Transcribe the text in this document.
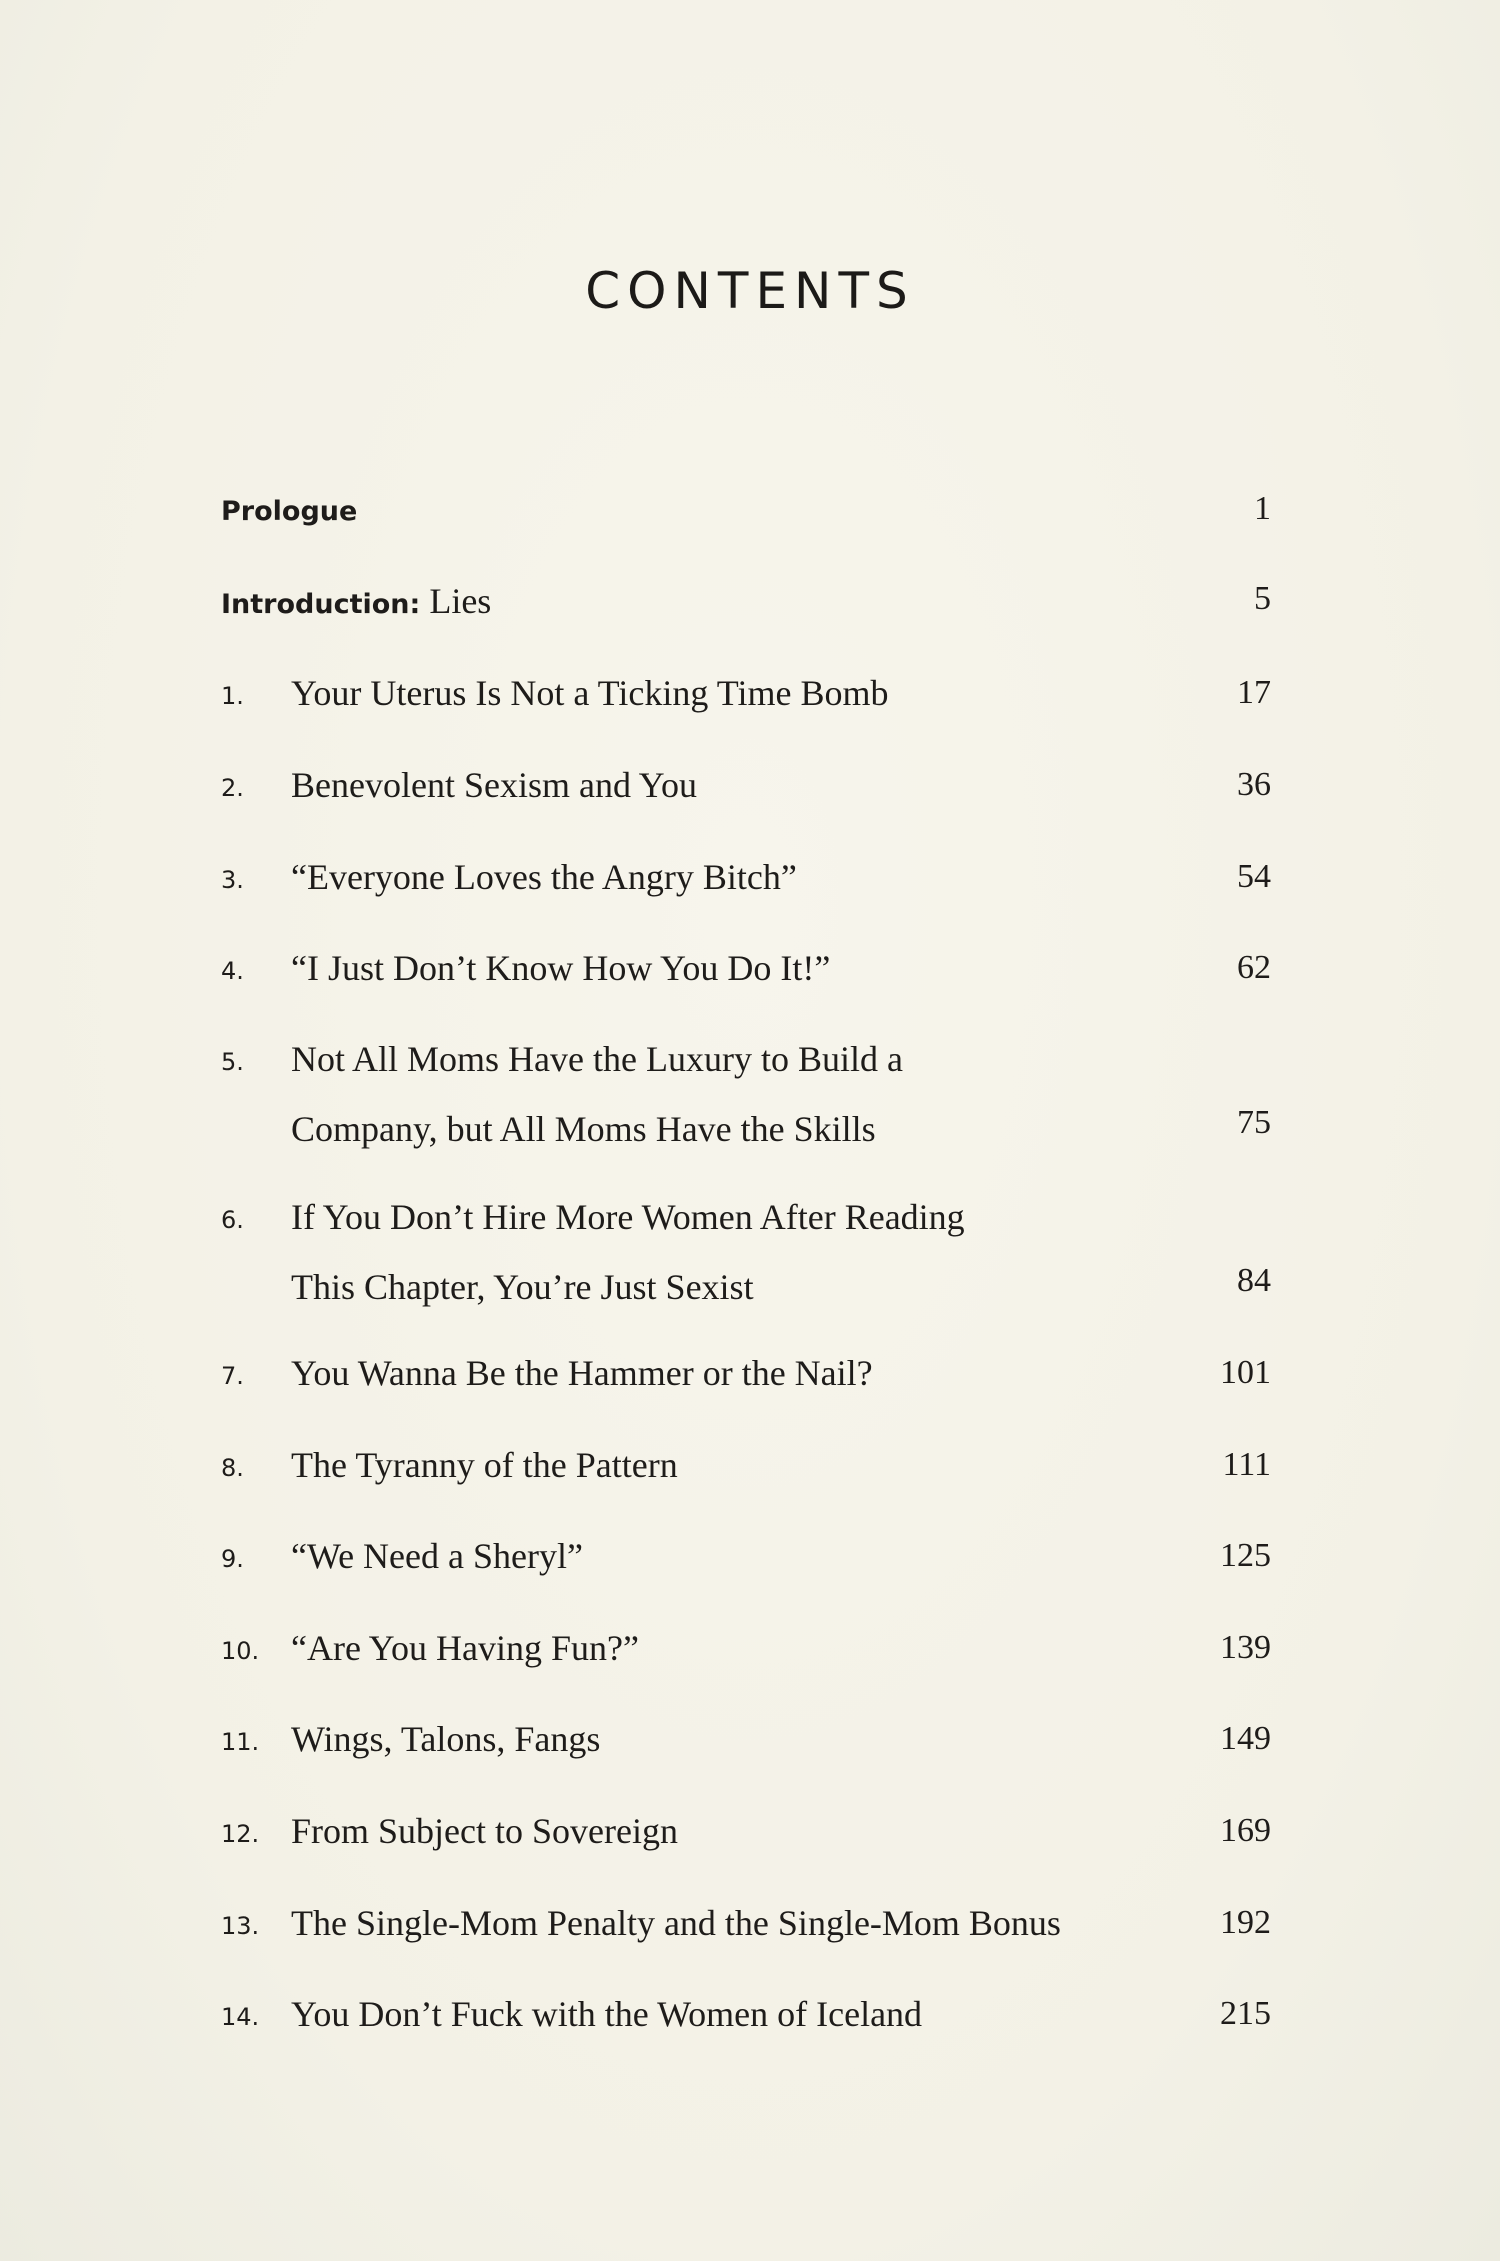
CONTENTS
Prologue	1
Introduction: Lies	5
1. Your Uterus Is Not a Ticking Time Bomb	17
2. Benevolent Sexism and You	36
3. “Everyone Loves the Angry Bitch”	54
4. “I Just Don’t Know How You Do It!”	62
5. Not All Moms Have the Luxury to Build a
Company, but All Moms Have the Skills	75
6. If You Don’t Hire More Women After Reading
This Chapter, You’re Just Sexist	84
7. You Wanna Be the Hammer or the Nail?	101
8. The Tyranny of the Pattern	111
9. “We Need a Sheryl”	125
10. “Are You Having Fun?”	139
11. Wings, Talons, Fangs	149
12. From Subject to Sovereign	169
13. The Single-Mom Penalty and the Single-Mom Bonus	192
14. You Don’t Fuck with the Women of Iceland	215
